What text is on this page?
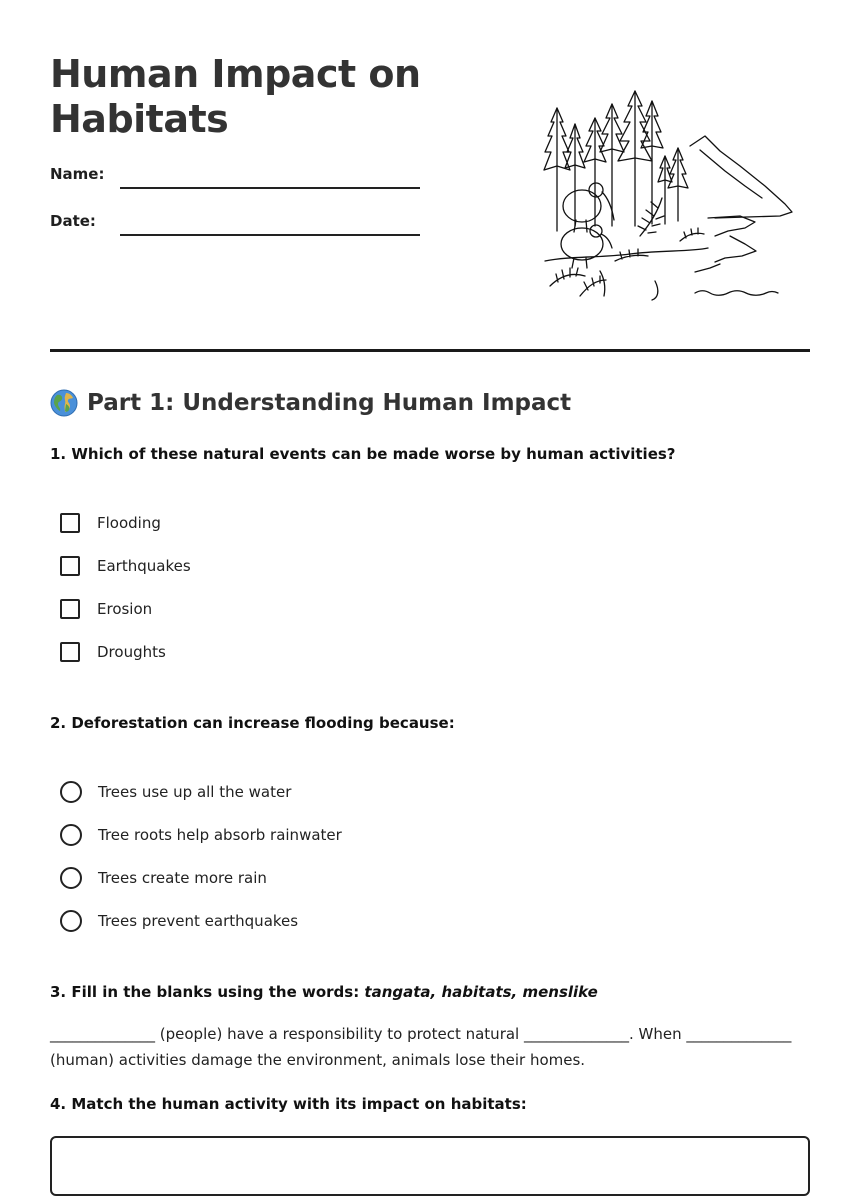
Human Impact on Habitats
Name:
Date:
Part 1: Understanding Human Impact
1. Which of these natural events can be made worse by human activities?
Flooding
Earthquakes
Erosion
Droughts
2. Deforestation can increase flooding because:
Trees use up all the water
Tree roots help absorb rainwater
Trees create more rain
Trees prevent earthquakes
3. Fill in the blanks using the words: tangata, habitats, menslike
______________ (people) have a responsibility to protect natural ______________. When ______________ (human) activities damage the environment, animals lose their homes.
4. Match the human activity with its impact on habitats:
